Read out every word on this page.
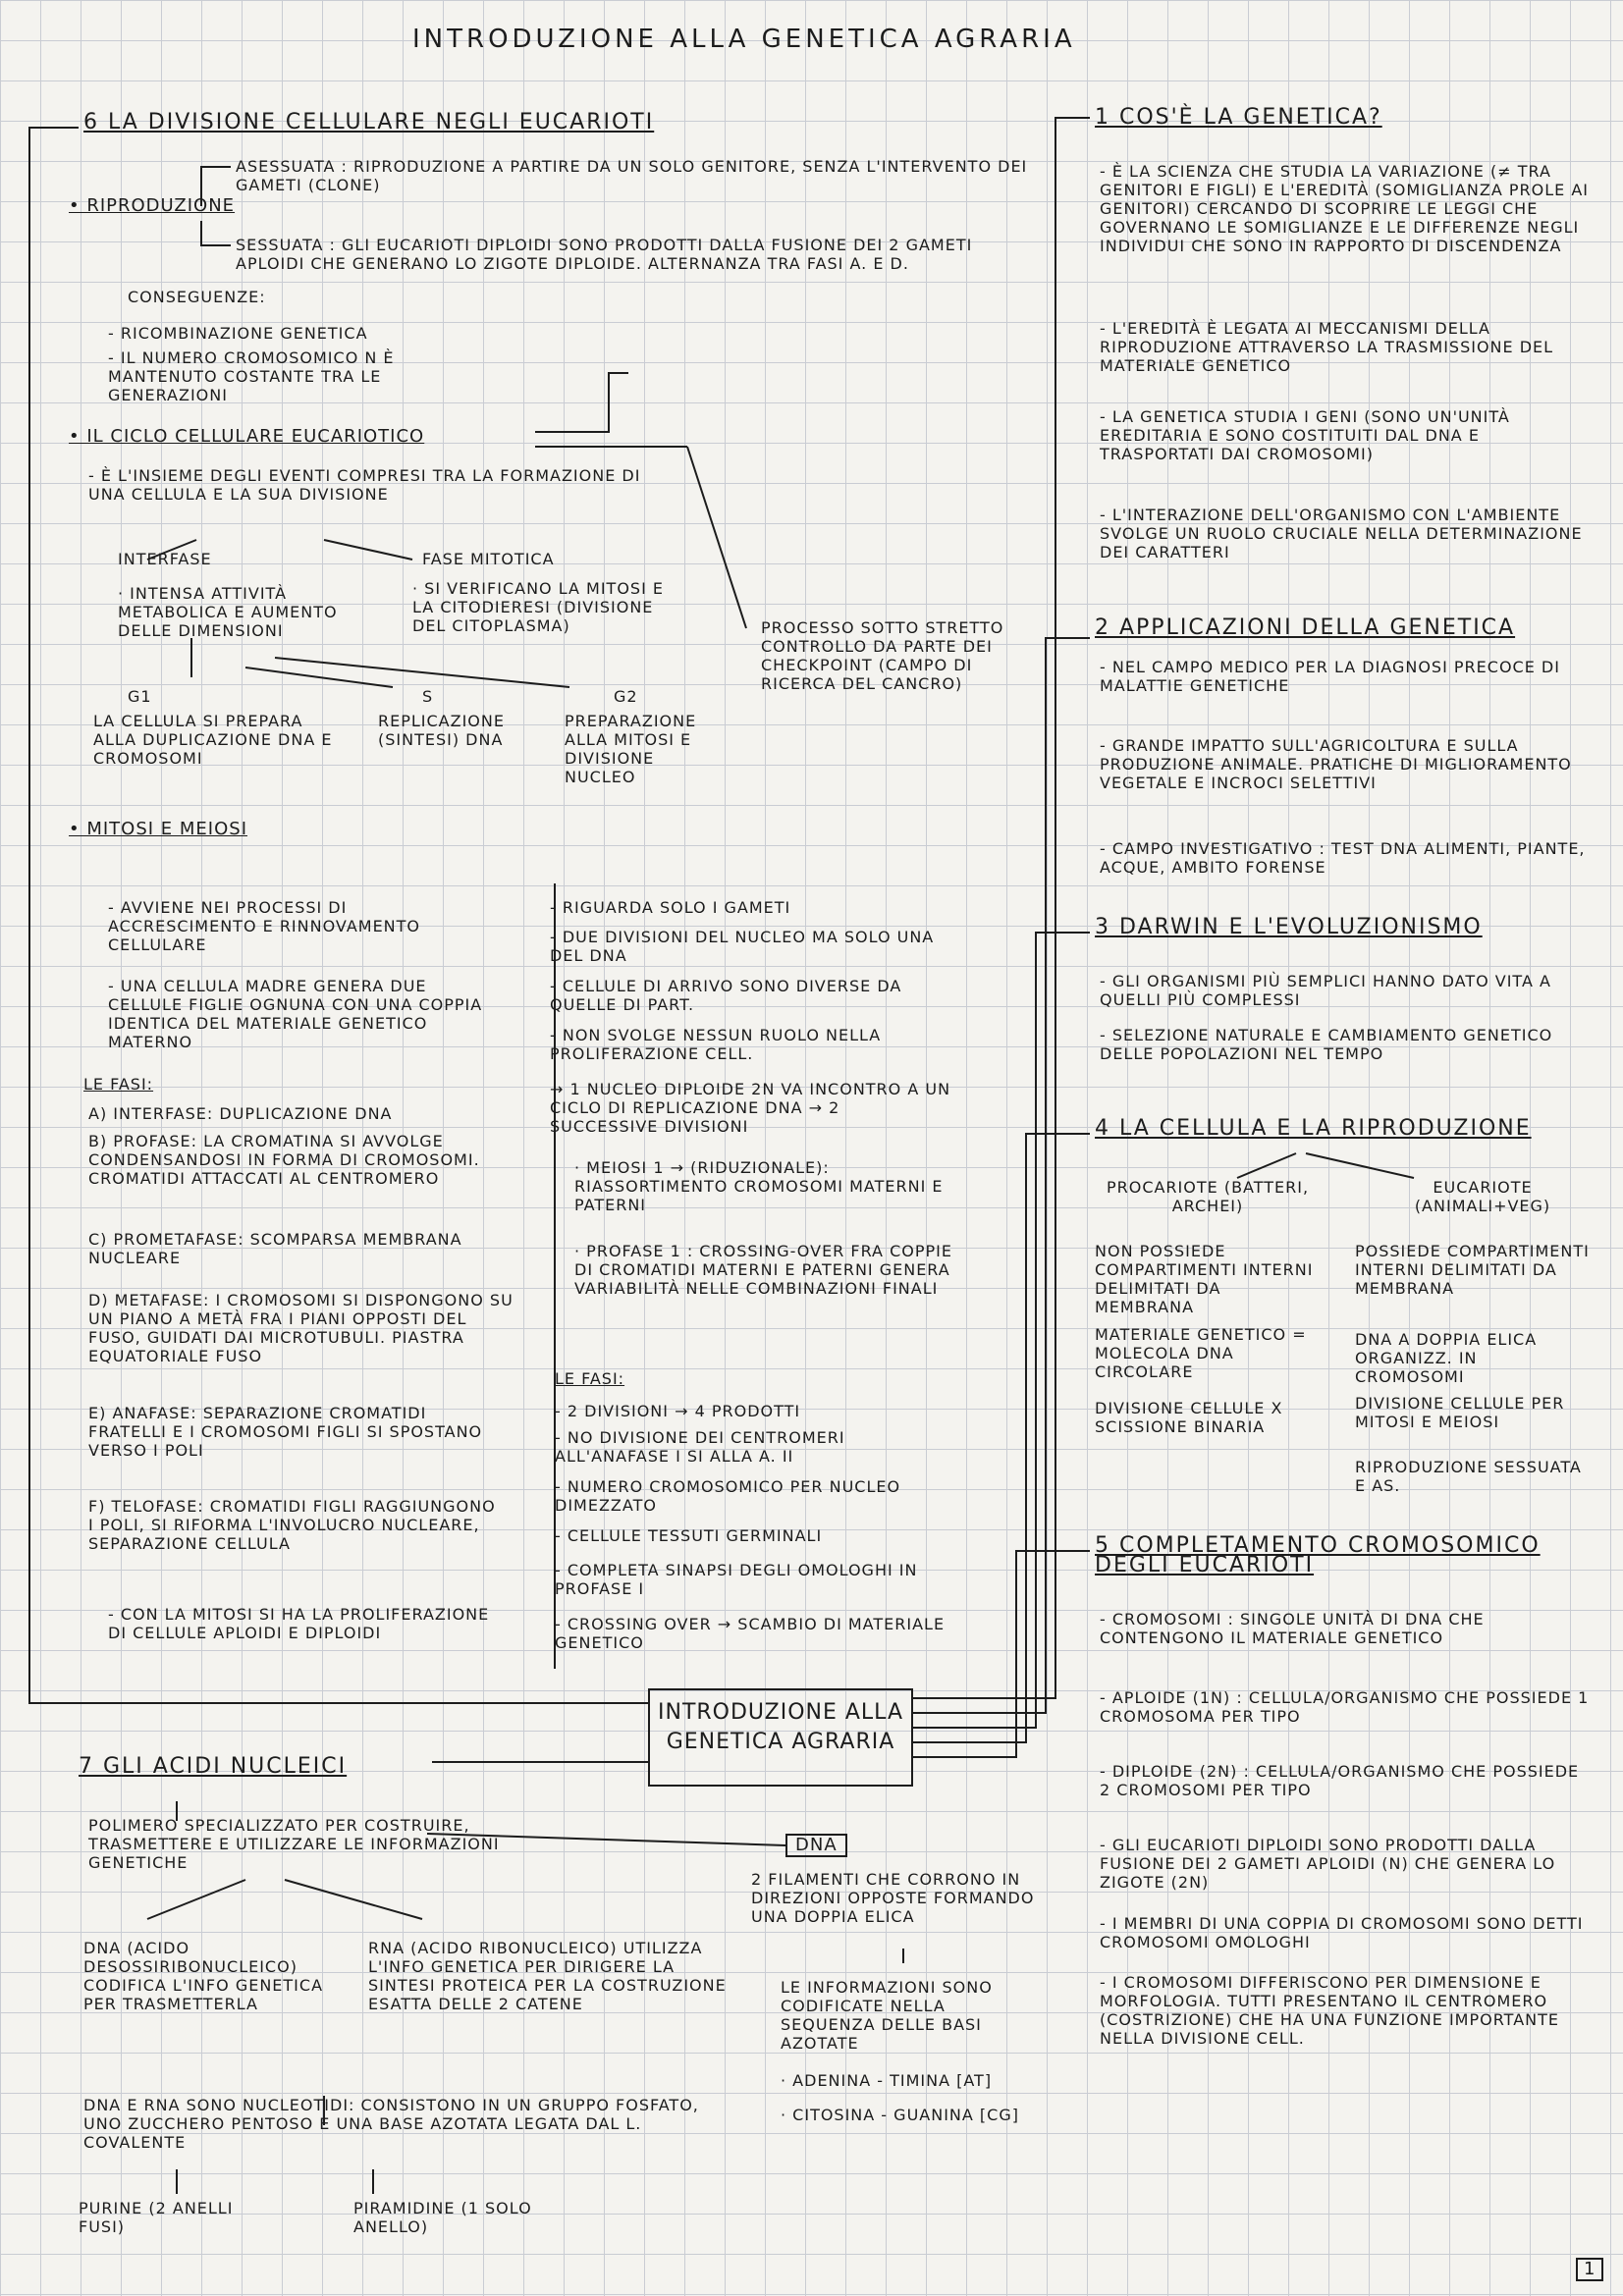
INTRODUZIONE ALLA GENETICA AGRARIA
6 LA DIVISIONE CELLULARE NEGLI EUCARIOTI
ASESSUATA : RIPRODUZIONE A PARTIRE DA UN SOLO GENITORE, SENZA L'INTERVENTO DEI GAMETI (CLONE)
• RIPRODUZIONE
SESSUATA : GLI EUCARIOTI DIPLOIDI SONO PRODOTTI DALLA FUSIONE DEI 2 GAMETI APLOIDI CHE GENERANO LO ZIGOTE DIPLOIDE. ALTERNANZA TRA FASI A. E D.
CONSEGUENZE:
- RICOMBINAZIONE GENETICA
- IL NUMERO CROMOSOMICO N È MANTENUTO COSTANTE TRA LE GENERAZIONI
• IL CICLO CELLULARE EUCARIOTICO
- È L'INSIEME DEGLI EVENTI COMPRESI TRA LA FORMAZIONE DI UNA CELLULA E LA SUA DIVISIONE
INTERFASE
· INTENSA ATTIVITÀ METABOLICA E AUMENTO DELLE DIMENSIONI
FASE MITOTICA
· SI VERIFICANO LA MITOSI E LA CITODIERESI (DIVISIONE DEL CITOPLASMA)	PROCESSO SOTTO STRETTO CONTROLLO DA PARTE DEI CHECKPOINT (CAMPO DI RICERCA DEL CANCRO)
G1
LA CELLULA SI PREPARA ALLA DUPLICAZIONE DNA E CROMOSOMI
S
REPLICAZIONE (SINTESI) DNA
G2
PREPARAZIONE ALLA MITOSI E DIVISIONE NUCLEO
• MITOSI E MEIOSI
- AVVIENE NEI PROCESSI DI ACCRESCIMENTO E RINNOVAMENTO CELLULARE
- UNA CELLULA MADRE GENERA DUE CELLULE FIGLIE OGNUNA CON UNA COPPIA IDENTICA DEL MATERIALE GENETICO MATERNO
LE FASI:
A) INTERFASE: DUPLICAZIONE DNA
B) PROFASE: LA CROMATINA SI AVVOLGE CONDENSANDOSI IN FORMA DI CROMOSOMI. CROMATIDI ATTACCATI AL CENTROMERO
C) PROMETAFASE: SCOMPARSA MEMBRANA NUCLEARE
D) METAFASE: I CROMOSOMI SI DISPONGONO SU UN PIANO A METÀ FRA I PIANI OPPOSTI DEL FUSO, GUIDATI DAI MICROTUBULI. PIASTRA EQUATORIALE FUSO
E) ANAFASE: SEPARAZIONE CROMATIDI FRATELLI E I CROMOSOMI FIGLI SI SPOSTANO VERSO I POLI
F) TELOFASE: CROMATIDI FIGLI RAGGIUNGONO I POLI, SI RIFORMA L'INVOLUCRO NUCLEARE, SEPARAZIONE CELLULA
- CON LA MITOSI SI HA LA PROLIFERAZIONE DI CELLULE APLOIDI E DIPLOIDI
- RIGUARDA SOLO I GAMETI
- DUE DIVISIONI DEL NUCLEO MA SOLO UNA DEL DNA
- CELLULE DI ARRIVO SONO DIVERSE DA QUELLE DI PART.
- NON SVOLGE NESSUN RUOLO NELLA PROLIFERAZIONE CELL.
→ 1 NUCLEO DIPLOIDE 2N VA INCONTRO A UN CICLO DI REPLICAZIONE DNA → 2 SUCCESSIVE DIVISIONI
· MEIOSI 1 → (RIDUZIONALE): RIASSORTIMENTO CROMOSOMI MATERNI E PATERNI
· PROFASE 1 : CROSSING-OVER FRA COPPIE DI CROMATIDI MATERNI E PATERNI GENERA VARIABILITÀ NELLE COMBINAZIONI FINALI
LE FASI:
- 2 DIVISIONI → 4 PRODOTTI
- NO DIVISIONE DEI CENTROMERI ALL'ANAFASE I SI ALLA A. II
- NUMERO CROMOSOMICO PER NUCLEO DIMEZZATO
- CELLULE TESSUTI GERMINALI
- COMPLETA SINAPSI DEGLI OMOLOGHI IN PROFASE I
- CROSSING OVER → SCAMBIO DI MATERIALE GENETICO
INTRODUZIONE ALLA GENETICA AGRARIA
1 COS'È LA GENETICA?
- È LA SCIENZA CHE STUDIA LA VARIAZIONE (≠ TRA GENITORI E FIGLI) E L'EREDITÀ (SOMIGLIANZA PROLE AI GENITORI) CERCANDO DI SCOPRIRE LE LEGGI CHE GOVERNANO LE SOMIGLIANZE E LE DIFFERENZE NEGLI INDIVIDUI CHE SONO IN RAPPORTO DI DISCENDENZA
- L'EREDITÀ È LEGATA AI MECCANISMI DELLA RIPRODUZIONE ATTRAVERSO LA TRASMISSIONE DEL MATERIALE GENETICO
- LA GENETICA STUDIA I GENI (SONO UN'UNITÀ EREDITARIA E SONO COSTITUITI DAL DNA E TRASPORTATI DAI CROMOSOMI)
- L'INTERAZIONE DELL'ORGANISMO CON L'AMBIENTE SVOLGE UN RUOLO CRUCIALE NELLA DETERMINAZIONE DEI CARATTERI
2 APPLICAZIONI DELLA GENETICA
- NEL CAMPO MEDICO PER LA DIAGNOSI PRECOCE DI MALATTIE GENETICHE
- GRANDE IMPATTO SULL'AGRICOLTURA E SULLA PRODUZIONE ANIMALE. PRATICHE DI MIGLIORAMENTO VEGETALE E INCROCI SELETTIVI
- CAMPO INVESTIGATIVO : TEST DNA ALIMENTI, PIANTE, ACQUE, AMBITO FORENSE
3 DARWIN E L'EVOLUZIONISMO
- GLI ORGANISMI PIÙ SEMPLICI HANNO DATO VITA A QUELLI PIÙ COMPLESSI
- SELEZIONE NATURALE E CAMBIAMENTO GENETICO DELLE POPOLAZIONI NEL TEMPO
4 LA CELLULA E LA RIPRODUZIONE
PROCARIOTE (BATTERI, ARCHEI)
EUCARIOTE (ANIMALI+VEG)
NON POSSIEDE COMPARTIMENTI INTERNI DELIMITATI DA MEMBRANA
MATERIALE GENETICO = MOLECOLA DNA CIRCOLARE
DIVISIONE CELLULE X SCISSIONE BINARIA
POSSIEDE COMPARTIMENTI INTERNI DELIMITATI DA MEMBRANA
DNA A DOPPIA ELICA ORGANIZZ. IN CROMOSOMI
DIVISIONE CELLULE PER MITOSI E MEIOSI
RIPRODUZIONE SESSUATA E AS.
5 COMPLETAMENTO CROMOSOMICO DEGLI EUCARIOTI
- CROMOSOMI : SINGOLE UNITÀ DI DNA CHE CONTENGONO IL MATERIALE GENETICO
- APLOIDE (1N) : CELLULA/ORGANISMO CHE POSSIEDE 1 CROMOSOMA PER TIPO
- DIPLOIDE (2N) : CELLULA/ORGANISMO CHE POSSIEDE 2 CROMOSOMI PER TIPO
- GLI EUCARIOTI DIPLOIDI SONO PRODOTTI DALLA FUSIONE DEI 2 GAMETI APLOIDI (N) CHE GENERA LO ZIGOTE (2N)
- I MEMBRI DI UNA COPPIA DI CROMOSOMI SONO DETTI CROMOSOMI OMOLOGHI
- I CROMOSOMI DIFFERISCONO PER DIMENSIONE E MORFOLOGIA. TUTTI PRESENTANO IL CENTROMERO (COSTRIZIONE) CHE HA UNA FUNZIONE IMPORTANTE NELLA DIVISIONE CELL.
7 GLI ACIDI NUCLEICI
POLIMERO SPECIALIZZATO PER COSTRUIRE, TRASMETTERE E UTILIZZARE LE INFORMAZIONI GENETICHE
DNA (ACIDO DESOSSIRIBONUCLEICO) CODIFICA L'INFO GENETICA PER TRASMETTERLA
RNA (ACIDO RIBONUCLEICO) UTILIZZA L'INFO GENETICA PER DIRIGERE LA SINTESI PROTEICA PER LA COSTRUZIONE ESATTA DELLE 2 CATENE
DNA E RNA SONO NUCLEOTIDI: CONSISTONO IN UN GRUPPO FOSFATO, UNO ZUCCHERO PENTOSO E UNA BASE AZOTATA LEGATA DAL L. COVALENTE
PURINE (2 ANELLI FUSI)
PIRAMIDINE (1 SOLO ANELLO)
DNA
2 FILAMENTI CHE CORRONO IN DIREZIONI OPPOSTE FORMANDO UNA DOPPIA ELICA
LE INFORMAZIONI SONO CODIFICATE NELLA SEQUENZA DELLE BASI AZOTATE
· ADENINA - TIMINA [AT]
· CITOSINA - GUANINA [CG]
1
